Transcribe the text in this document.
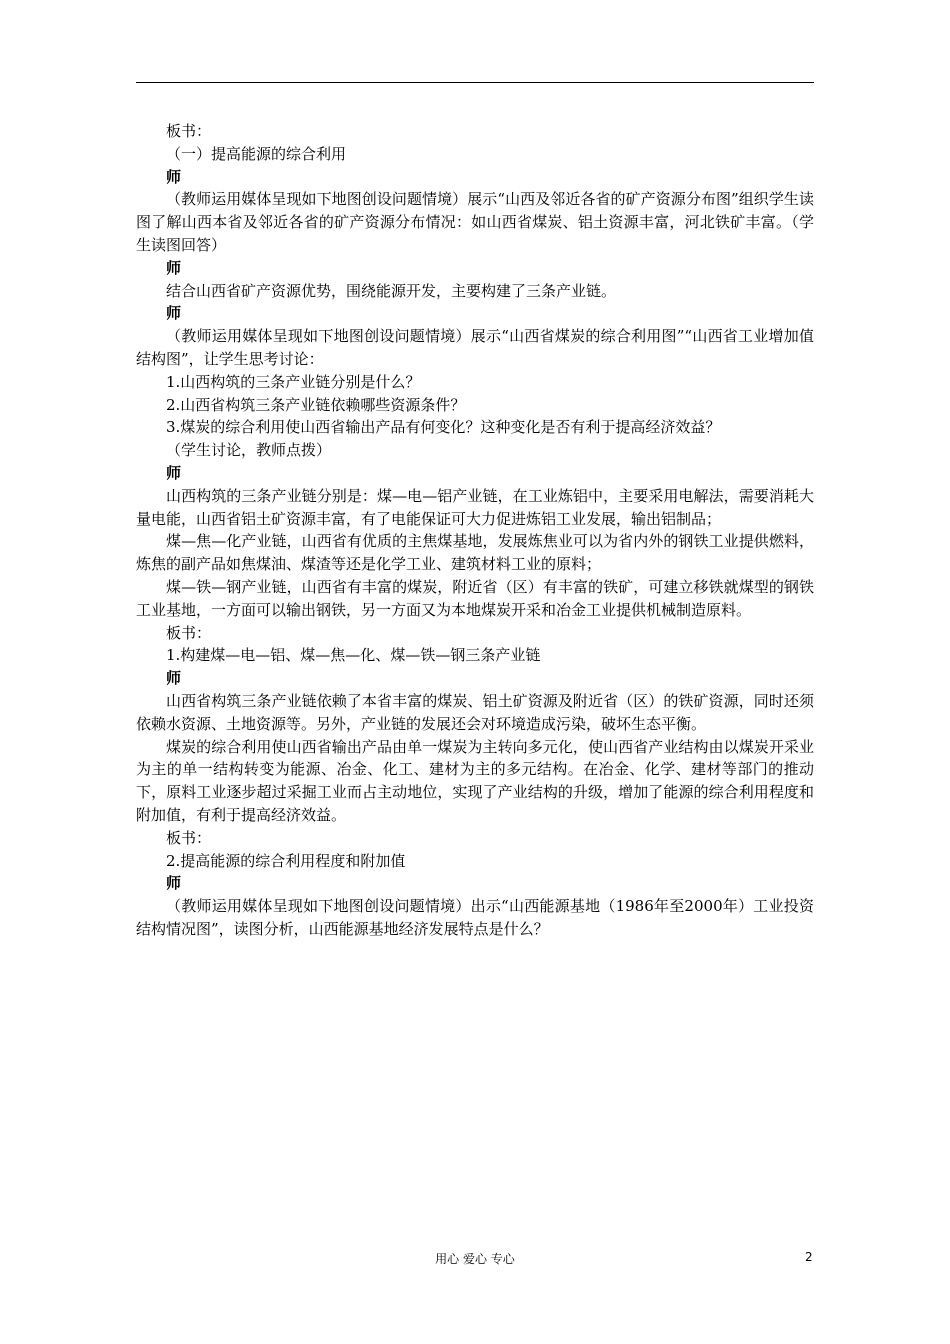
板书：

（一）提高能源的综合利用

师

（教师运用媒体呈现如下地图创设问题情境）展示“山西及邻近各省的矿产资源分布图”组织学生读图了解山西本省及邻近各省的矿产资源分布情况：如山西省煤炭、铝土资源丰富，河北铁矿丰富。（学生读图回答）

师

结合山西省矿产资源优势，围绕能源开发，主要构建了三条产业链。

师

（教师运用媒体呈现如下地图创设问题情境）展示“山西省煤炭的综合利用图”“山西省工业增加值结构图”，让学生思考讨论：

1.山西构筑的三条产业链分别是什么？

2.山西省构筑三条产业链依赖哪些资源条件？

3.煤炭的综合利用使山西省输出产品有何变化？这种变化是否有利于提高经济效益？

（学生讨论，教师点拨）

师

山西构筑的三条产业链分别是：煤—电—铝产业链，在工业炼铝中，主要采用电解法，需要消耗大量电能，山西省铝土矿资源丰富，有了电能保证可大力促进炼铝工业发展，输出铝制品；

煤—焦—化产业链，山西省有优质的主焦煤基地，发展炼焦业可以为省内外的钢铁工业提供燃料，炼焦的副产品如焦煤油、煤渣等还是化学工业、建筑材料工业的原料；

煤—铁—钢产业链，山西省有丰富的煤炭，附近省（区）有丰富的铁矿，可建立移铁就煤型的钢铁工业基地，一方面可以输出钢铁，另一方面又为本地煤炭开采和冶金工业提供机械制造原料。

板书：

1.构建煤—电—铝、煤—焦—化、煤—铁—钢三条产业链

师

山西省构筑三条产业链依赖了本省丰富的煤炭、铝土矿资源及附近省（区）的铁矿资源，同时还须依赖水资源、土地资源等。另外，产业链的发展还会对环境造成污染，破坏生态平衡。

煤炭的综合利用使山西省输出产品由单一煤炭为主转向多元化，使山西省产业结构由以煤炭开采业为主的单一结构转变为能源、冶金、化工、建材为主的多元结构。在冶金、化学、建材等部门的推动下，原料工业逐步超过采掘工业而占主动地位，实现了产业结构的升级，增加了能源的综合利用程度和附加值，有利于提高经济效益。

板书：

2.提高能源的综合利用程度和附加值

师

（教师运用媒体呈现如下地图创设问题情境）出示“山西能源基地（1986年至2000年）工业投资结构情况图”，读图分析，山西能源基地经济发展特点是什么？

用心 爱心 专心	2
